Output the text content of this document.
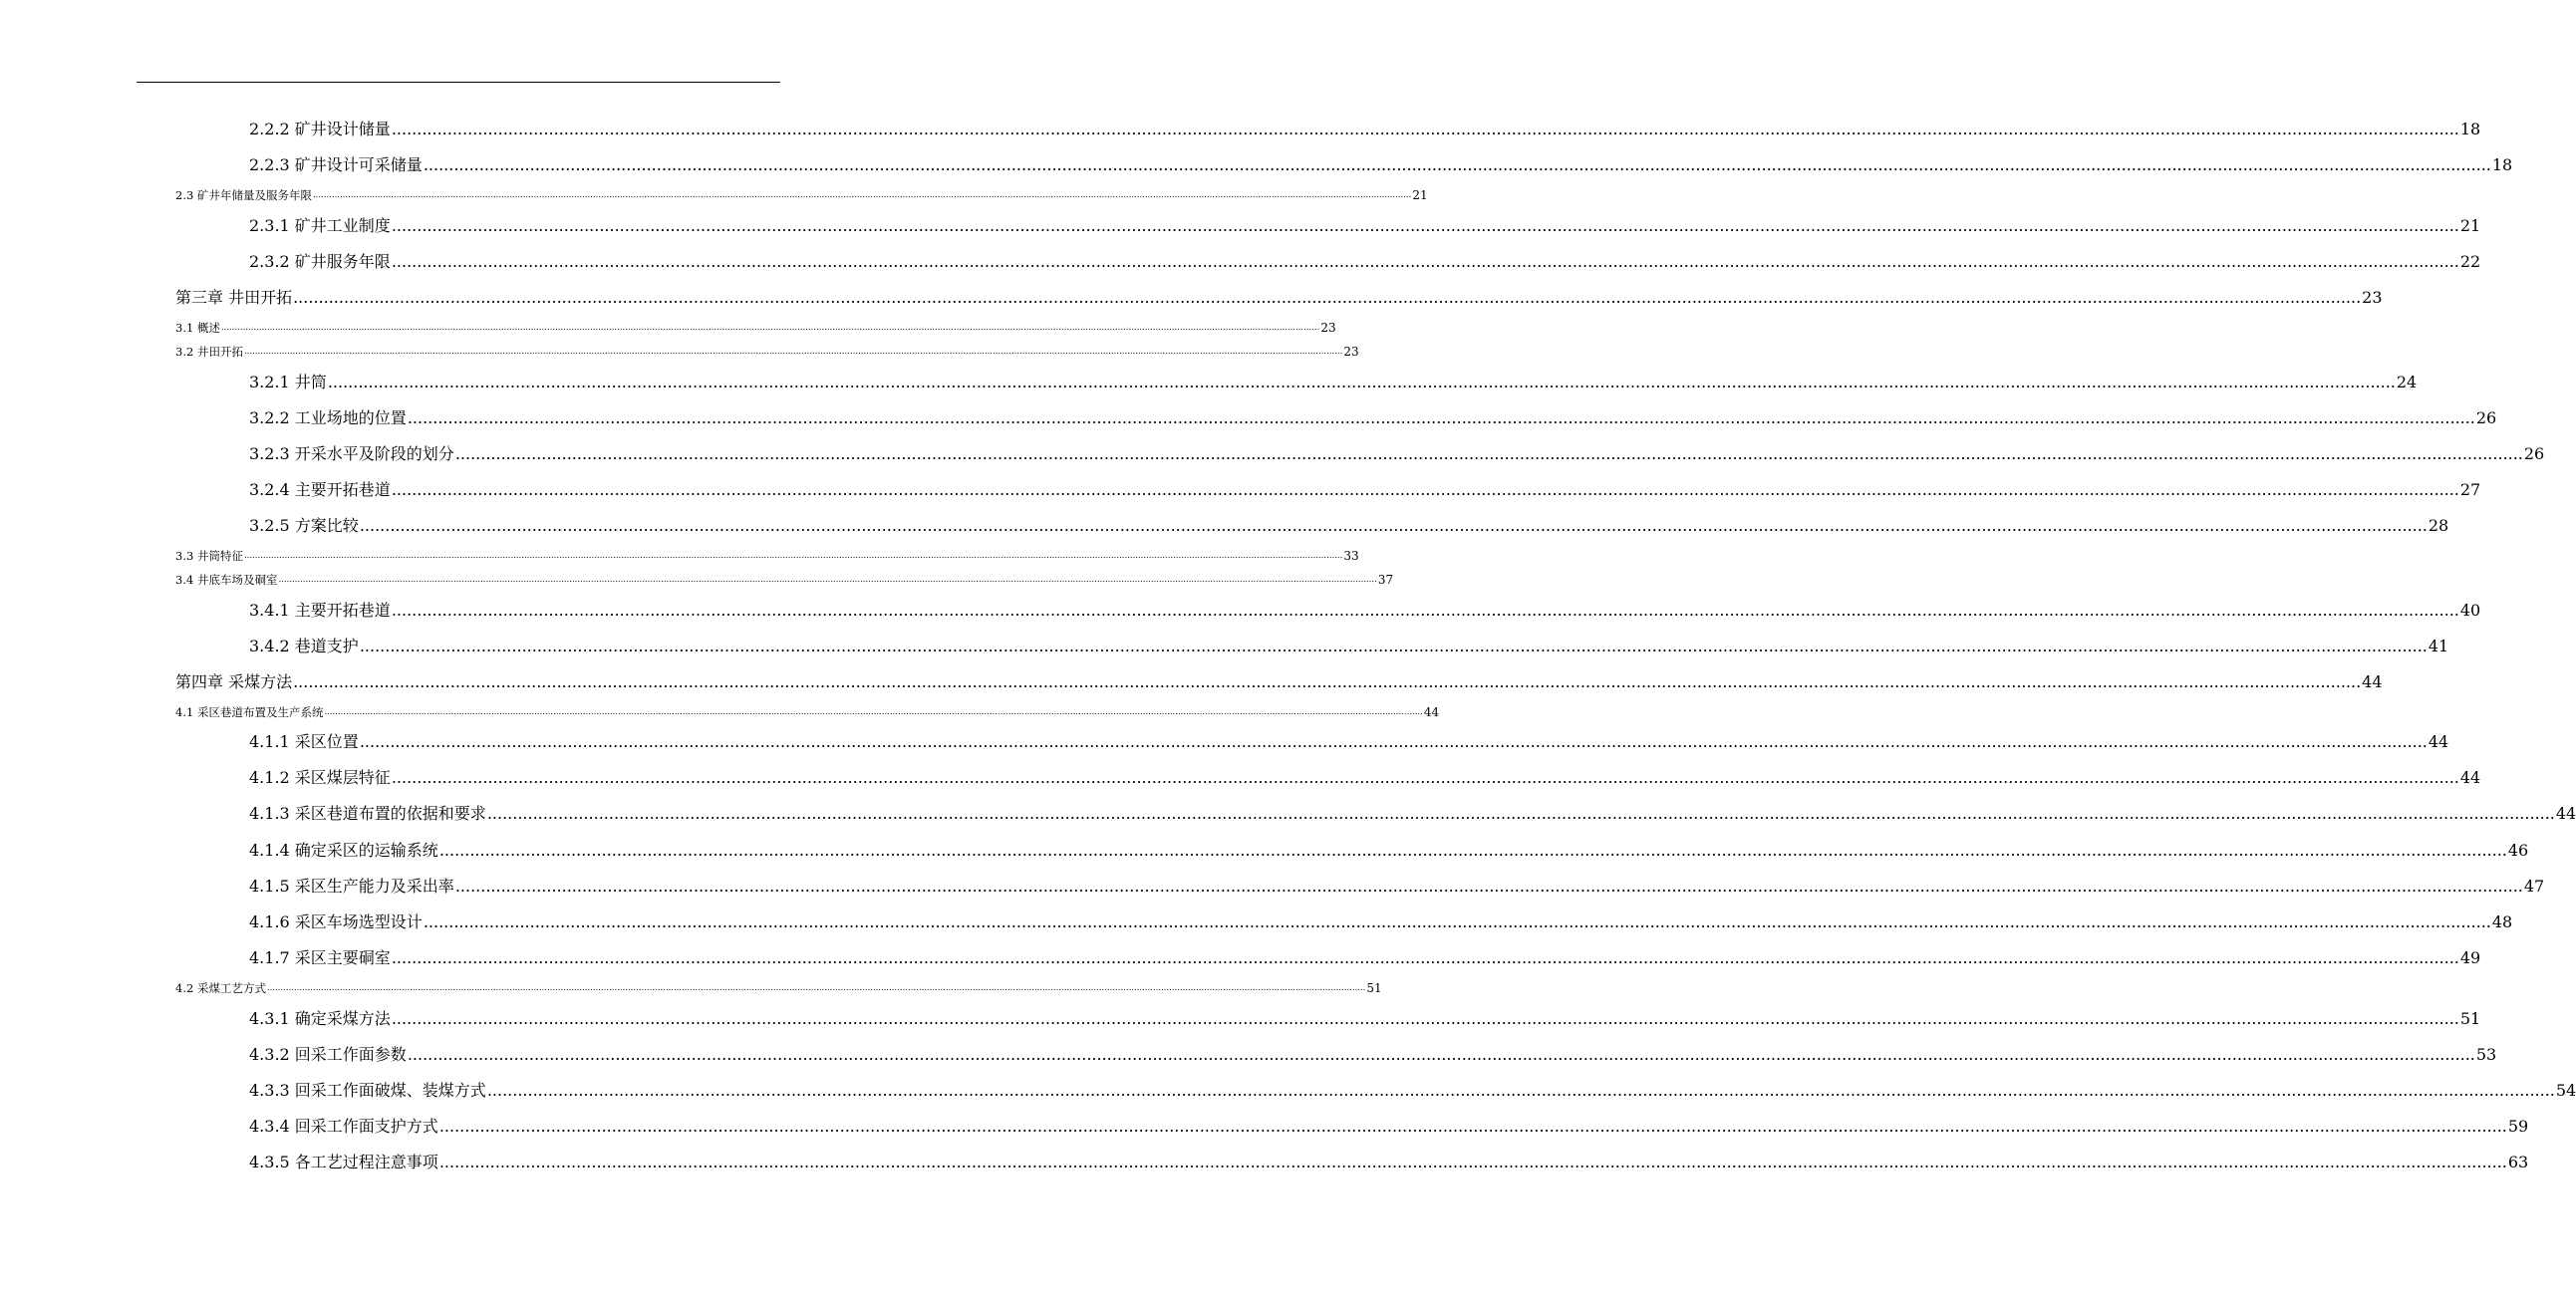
2.2.2 矿井设计储量 ........................................................................................................................................................................................................................................................................................................................................................................................................................ 18
2.2.3 矿井设计可采储量 ........................................................................................................................................................................................................................................................................................................................................................................................................................ 18
2.3 矿井年储量及服务年限 ........................................................................................................................................................................................................................................................................................................................................................................................................................ 21
2.3.1 矿井工业制度 ........................................................................................................................................................................................................................................................................................................................................................................................................................ 21
2.3.2 矿井服务年限 ........................................................................................................................................................................................................................................................................................................................................................................................................................ 22
第三章 井田开拓 ........................................................................................................................................................................................................................................................................................................................................................................................................................ 23
3.1 概述 ........................................................................................................................................................................................................................................................................................................................................................................................................................ 23
3.2 井田开拓 ........................................................................................................................................................................................................................................................................................................................................................................................................................ 23
3.2.1 井筒 ........................................................................................................................................................................................................................................................................................................................................................................................................................ 24
3.2.2 工业场地的位置 ........................................................................................................................................................................................................................................................................................................................................................................................................................ 26
3.2.3 开采水平及阶段的划分 ........................................................................................................................................................................................................................................................................................................................................................................................................................ 26
3.2.4 主要开拓巷道 ........................................................................................................................................................................................................................................................................................................................................................................................................................ 27
3.2.5 方案比较 ........................................................................................................................................................................................................................................................................................................................................................................................................................ 28
3.3 井筒特征 ........................................................................................................................................................................................................................................................................................................................................................................................................................ 33
3.4 井底车场及硐室 ........................................................................................................................................................................................................................................................................................................................................................................................................................ 37
3.4.1 主要开拓巷道 ........................................................................................................................................................................................................................................................................................................................................................................................................................ 40
3.4.2 巷道支护 ........................................................................................................................................................................................................................................................................................................................................................................................................................ 41
第四章 采煤方法 ........................................................................................................................................................................................................................................................................................................................................................................................................................ 44
4.1 采区巷道布置及生产系统 ........................................................................................................................................................................................................................................................................................................................................................................................................................ 44
4.1.1 采区位置 ........................................................................................................................................................................................................................................................................................................................................................................................................................ 44
4.1.2 采区煤层特征 ........................................................................................................................................................................................................................................................................................................................................................................................................................ 44
4.1.3 采区巷道布置的依据和要求 ........................................................................................................................................................................................................................................................................................................................................................................................................................ 44
4.1.4 确定采区的运输系统 ........................................................................................................................................................................................................................................................................................................................................................................................................................ 46
4.1.5 采区生产能力及采出率 ........................................................................................................................................................................................................................................................................................................................................................................................................................ 47
4.1.6 采区车场选型设计 ........................................................................................................................................................................................................................................................................................................................................................................................................................ 48
4.1.7 采区主要硐室 ........................................................................................................................................................................................................................................................................................................................................................................................................................ 49
4.2 采煤工艺方式 ........................................................................................................................................................................................................................................................................................................................................................................................................................ 51
4.3.1 确定采煤方法 ........................................................................................................................................................................................................................................................................................................................................................................................................................ 51
4.3.2 回采工作面参数 ........................................................................................................................................................................................................................................................................................................................................................................................................................ 53
4.3.3 回采工作面破煤、装煤方式 ........................................................................................................................................................................................................................................................................................................................................................................................................................ 54
4.3.4 回采工作面支护方式 ........................................................................................................................................................................................................................................................................................................................................................................................................................ 59
4.3.5 各工艺过程注意事项 ........................................................................................................................................................................................................................................................................................................................................................................................................................ 63
